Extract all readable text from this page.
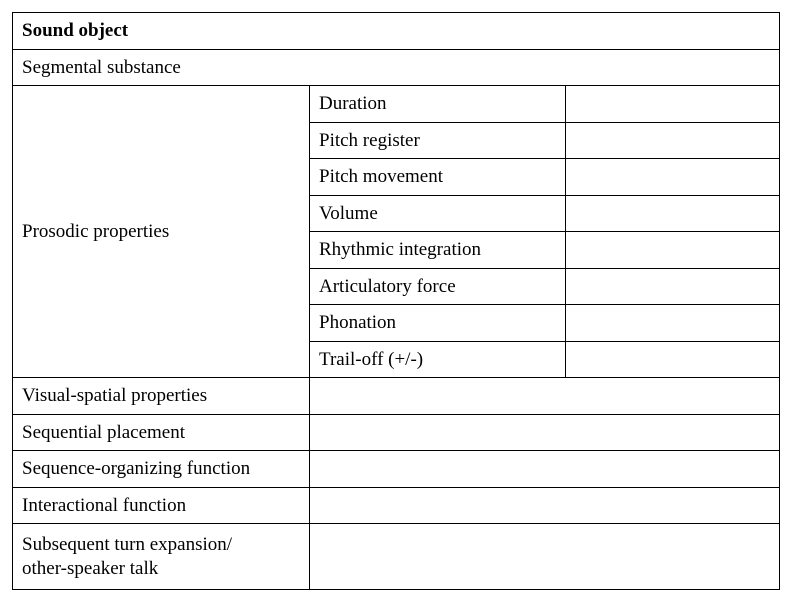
Sound object		
Segmental substance		
Prosodic properties	Duration	
	Pitch register	
	Pitch movement	
	Volume	
	Rhythmic integration	
	Articulatory force	
	Phonation	
	Trail-off (+/-)	
Visual-spatial properties		
Sequential placement		
Sequence-organizing function		
Interactional function		
Subsequent turn expansion/
other-speaker talk		
